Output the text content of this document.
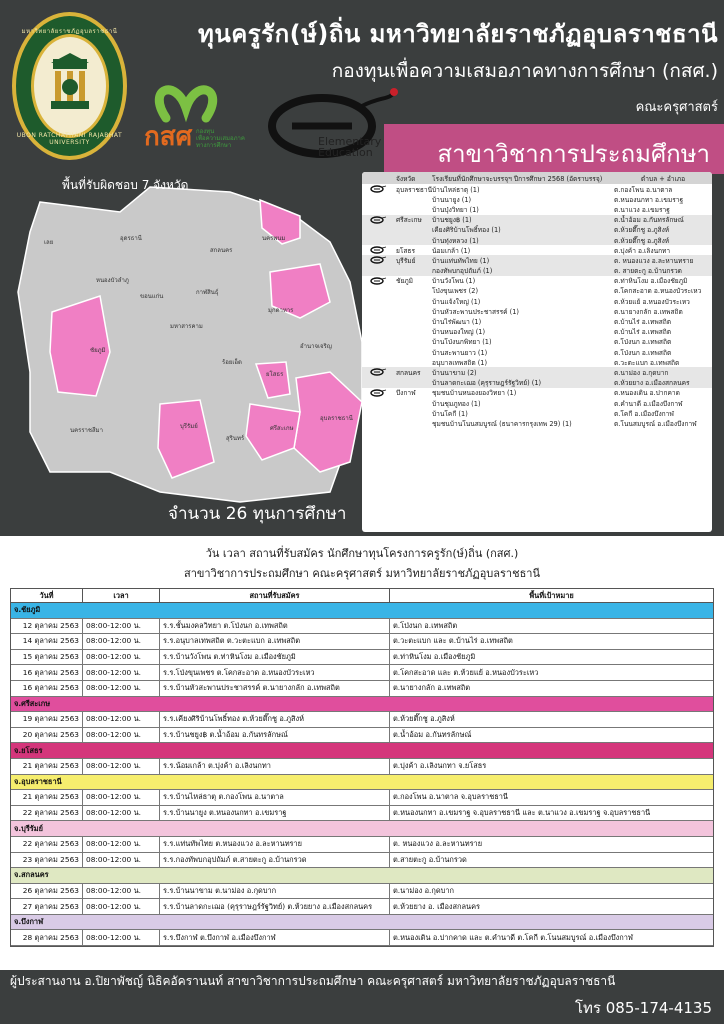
มหาวิทยาลัยราชภัฏอุบลราชธานี
UBON RATCHATHANI RAJABHAT UNIVERSITY
ทุนครูรัก(ษ์)ถิ่น มหาวิทยาลัยราชภัฏอุบลราชธานี
กองทุนเพื่อความเสมอภาคทางการศึกษา (กสศ.)
คณะครุศาสตร์
กสศ กองทุน
เพื่อความเสมอภาค
ทางการศึกษา	Elementary
Education	สาขาวิชาการประถมศึกษา
เลย
อุดรธานี
หนองบัวลำภู
สกลนคร
นครพนม
ขอนแก่น
กาฬสินธุ์
มุกดาหาร
ชัยภูมิ
มหาสารคาม
ร้อยเอ็ด
ยโสธร
อำนาจเจริญ
นครราชสีมา
บุรีรัมย์
สุรินทร์
ศรีสะเกษ
อุบลราชธานี
พื้นที่รับผิดชอบ 7 จังหวัด
จำนวน 26 ทุนการศึกษา
จังหวัด	โรงเรียนที่นักศึกษาจะบรรจุฯ ปีการศึกษา 2568 (อัตราบรรจุ)	ตำบล + อำเภอ
อุบลราชธานี บ้านไหล่ธาตุ (1)	ต.กองโพน อ.นาตาล
บ้านนายูง (1)	ต.หนองนกทา อ.เขมราฐ
บ้านปุ่งวิทยา (1)	ต.นาแวง อ.เขมราฐ
ศรีสะเกษ	บ้านชยูง฿ (1)	ต.น้ำอ้อม อ.กันทรลักษณ์
เคียงศิริบ้านโพธิ์ทอง (1)	ต.ห้วยตึ๊กชู อ.ภูสิงห์
บ้านทุ่งหลวง (1)	ต.ห้วยตึ๊กชู อ.ภูสิงห์
ยโสธร	น้อมเกล้า (1)	ต.บุ่งค้า อ.เลิงนกทา
บุรีรัมย์	บ้านแท่นทัพไทย (1)	ต. หนองแวง อ.ละหานทราย
กองทัพบกอุปถัมภ์ (1)	ต. สายตะกู อ.บ้านกรวด
ชัยภูมิ	บ้านวังโพน (1)	ต.ท่าหินโงม อ.เมืองชัยภูมิ
โป่งขุนเพชร (2)	ต.โคกสะอาด อ.หนองบัวระเหว
บ้านแจ้งใหญ่ (1)	ต.ห้วยแย้ อ.หนองบัวระเหว
บ้านหัวสะพานประชาสรรค์ (1)	ต.นายางกลัก อ.เทพสถิต
บ้านไร่พัฒนา (1)	ต.บ้านไร่ อ.เทพสถิต
บ้านหนองใหญ่ (1)	ต.บ้านไร่ อ.เทพสถิต
บ้านโป่งนกพิทยา (1)	ต.โป่งนก อ.เทพสถิต
บ้านสะพานยาว (1)	ต.โป่งนก อ.เทพสถิต
อนุบาลเทพสถิต (1)	ต.วะตะแบก อ.เทพสถิต
สกลนคร	บ้านนาขาม (2)	ต.นาม่อง อ.กุดบาก
บ้านลาดกะเฌอ (คุรุราษฎร์รัฐวิทย์) (1)	ต.ห้วยยาง อ.เมืองสกลนคร
บึงกาฬ	ชุมชนบ้านหนองยองวิทยา (1)	ต.หนองเดิน อ.ปากคาด
บ้านชุมภูทอง (1)	ต.คำนาดี อ.เมืองบึงกาฬ
บ้านโคกี (1)	ต.โคกี อ.เมืองบึงกาฬ
ชุมชนบ้านโนนสมบูรณ์ (ธนาคารกรุงเทพ 29) (1)	ต.โนนสมบูรณ์ อ.เมืองบึงกาฬ
วัน เวลา สถานที่รับสมัคร นักศึกษาทุนโครงการครูรัก(ษ์)ถิ่น (กสศ.)
สาขาวิชาการประถมศึกษา คณะครุศาสตร์ มหาวิทยาลัยราชภัฏอุบลราชธานี
วันที่	เวลา	สถานที่รับสมัคร	พื้นที่เป้าหมาย
จ.ชัยภูมิ
12 ตุลาคม 2563 08:00-12:00 น.	ร.ร.ชั้นมงคลวิทยา ต.โป่งนก อ.เทพสถิต	ต.โป่งนก อ.เทพสถิต
14 ตุลาคม 2563 08:00-12:00 น.	ร.ร.อนุบาลเทพสถิต ต.วะตะแบก อ.เทพสถิต	ต.วะตะแบก และ ต.บ้านไร่ อ.เทพสถิต
15 ตุลาคม 2563 08:00-12:00 น.	ร.ร.บ้านวังโพน ต.ท่าหินโงม อ.เมืองชัยภูมิ	ต.ท่าหินโงม อ.เมืองชัยภูมิ
16 ตุลาคม 2563 08:00-12:00 น.	ร.ร.โป่งขุนเพชร ต.โคกสะอาด อ.หนองบัวระเหว	ต.โคกสะอาด และ ต.ห้วยแย้ อ.หนองบัวระเหว
16 ตุลาคม 2563 08:00-12:00 น.	ร.ร.บ้านหัวสะพานประชาสรรค์ ต.นายางกลัก อ.เทพสถิต	ต.นายางกลัก อ.เทพสถิต
จ.ศรีสะเกษ
19 ตุลาคม 2563 08:00-12:00 น.	ร.ร.เคียงศิริบ้านโพธิ์ทอง ต.ห้วยตึ๊กชู อ.ภูสิงห์	ต.ห้วยตึ๊กชู อ.ภูสิงห์
20 ตุลาคม 2563 08:00-12:00 น.	ร.ร.บ้านชยูง฿ ต.น้ำอ้อม อ.กันทรลักษณ์	ต.น้ำอ้อม อ.กันทรลักษณ์
จ.ยโสธร
21 ตุลาคม 2563 08:00-12:00 น.	ร.ร.น้อมเกล้า ต.บุ่งค้า อ.เลิงนกทา	ต.บุ่งค้า อ.เลิงนกทา จ.ยโสธร
จ.อุบลราชธานี
21 ตุลาคม 2563 08:00-12:00 น.	ร.ร.บ้านไหล่ธาตุ ต.กองโพน อ.นาตาล	ต.กองโพน อ.นาตาล จ.อุบลราชธานี
22 ตุลาคม 2563 08:00-12:00 น.	ร.ร.บ้านนายูง ต.หนองนกทา อ.เขมราฐ	ต.หนองนกทา อ.เขมราฐ จ.อุบลราชธานี และ ต.นาแวง อ.เขมราฐ จ.อุบลราชธานี
จ.บุรีรัมย์
22 ตุลาคม 2563 08:00-12:00 น.	ร.ร.แท่นทัพไทย ต.หนองแวง อ.ละหานทราย	ต. หนองแวง อ.ละหานทราย
23 ตุลาคม 2563 08:00-12:00 น.	ร.ร.กองทัพบกอุปถัมภ์ ต.สายตะกู อ.บ้านกรวด	ต.สายตะกู อ.บ้านกรวด
จ.สกลนคร
26 ตุลาคม 2563 08:00-12:00 น.	ร.ร.บ้านนาขาม ต.นาม่อง อ.กุดบาก	ต.นาม่อง อ.กุดบาก
27 ตุลาคม 2563 08:00-12:00 น.	ร.ร.บ้านลาดกะเฌอ (คุรุราษฎร์รัฐวิทย์) ต.ห้วยยาง อ.เมืองสกลนคร	ต.ห้วยยาง อ. เมืองสกลนคร
จ.บึงกาฬ
28 ตุลาคม 2563 08:00-12:00 น.	ร.ร.บึงกาฬ ต.บึงกาฬ อ.เมืองบึงกาฬ	ต.หนองเดิน อ.ปากคาด และ ต.คำนาดี ต.โคกี ต.โนนสมบูรณ์ อ.เมืองบึงกาฬ
ผู้ประสานงาน อ.ปิยาพัชญ์ นิธิคอัครานนท์ สาขาวิชาการประถมศึกษา คณะครุศาสตร์ มหาวิทยาลัยราชภัฏอุบลราชธานี
โทร 085-174-4135
